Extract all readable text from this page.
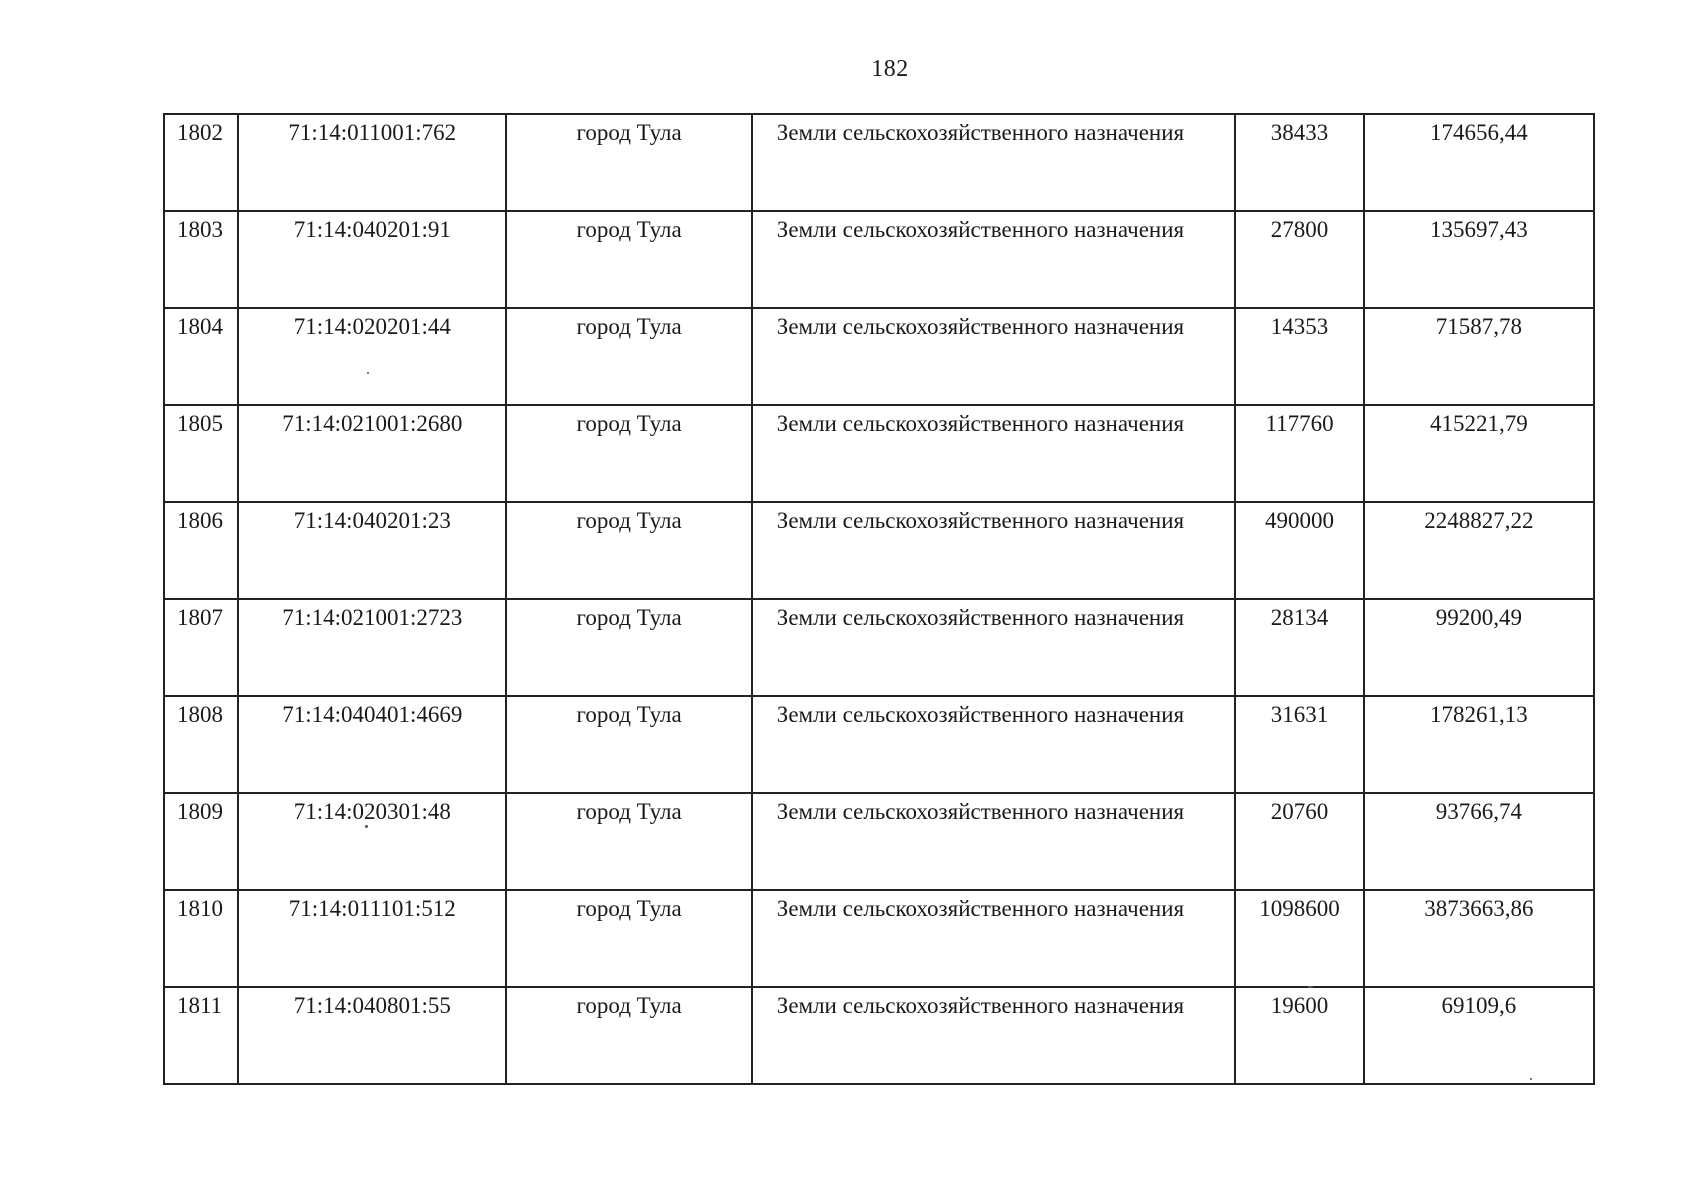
182
1802	71:14:011001:762	город Тула	Земли сельскохозяйственного назначения	38433	174656,44
1803	71:14:040201:91	город Тула	Земли сельскохозяйственного назначения	27800	135697,43
1804	71:14:020201:44	город Тула	Земли сельскохозяйственного назначения	14353	71587,78
1805	71:14:021001:2680	город Тула	Земли сельскохозяйственного назначения	117760	415221,79
1806	71:14:040201:23	город Тула	Земли сельскохозяйственного назначения	490000	2248827,22
1807	71:14:021001:2723	город Тула	Земли сельскохозяйственного назначения	28134	99200,49
1808	71:14:040401:4669	город Тула	Земли сельскохозяйственного назначения	31631	178261,13
1809	71:14:020301:48	город Тула	Земли сельскохозяйственного назначения	20760	93766,74
1810	71:14:011101:512	город Тула	Земли сельскохозяйственного назначения	1098600	3873663,86
1811	71:14:040801:55	город Тула	Земли сельскохозяйственного назначения	19600	69109,6
